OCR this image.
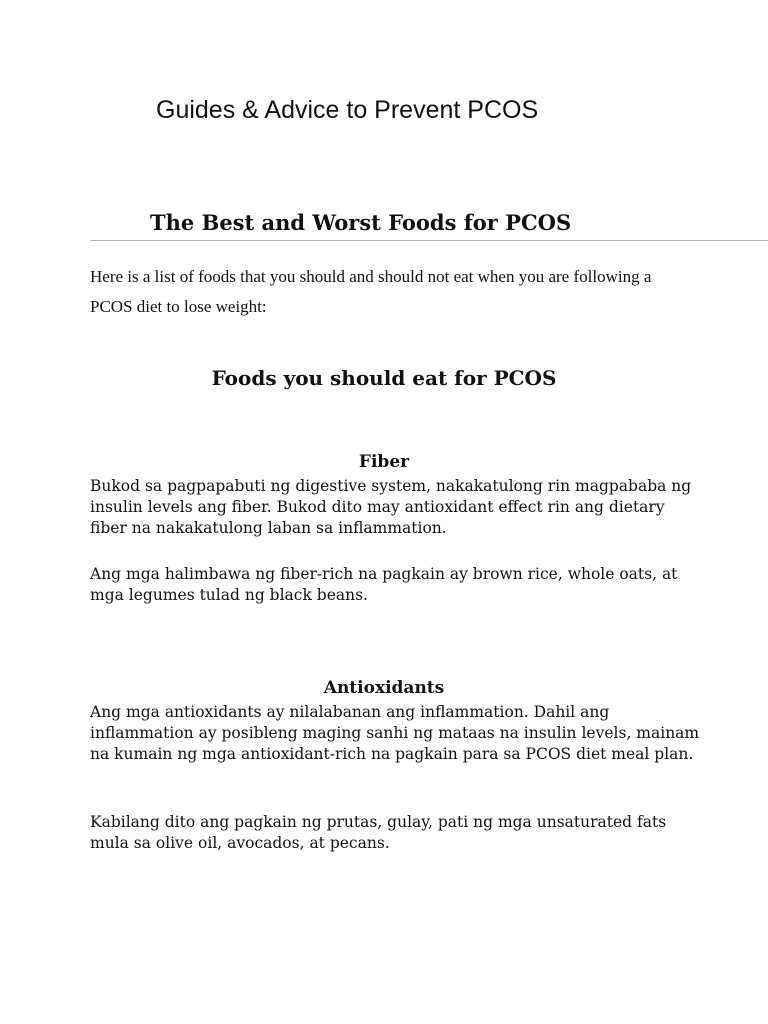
Guides & Advice to Prevent PCOS
The Best and Worst Foods for PCOS

Here is a list of foods that you should and should not eat when you are following a PCOS diet to lose weight:

Foods you should eat for PCOS
Fiber

Bukod sa pagpapabuti ng digestive system, nakakatulong rin magpababa ng insulin levels ang fiber. Bukod dito may antioxidant effect rin ang dietary fiber na nakakatulong laban sa inflammation.

Ang mga halimbawa ng fiber-rich na pagkain ay brown rice, whole oats, at mga legumes tulad ng black beans.

Antioxidants

Ang mga antioxidants ay nilalabanan ang inflammation. Dahil ang inflammation ay posibleng maging sanhi ng mataas na insulin levels, mainam na kumain ng mga antioxidant-rich na pagkain para sa PCOS diet meal plan.

Kabilang dito ang pagkain ng prutas, gulay, pati ng mga unsaturated fats mula sa olive oil, avocados, at pecans.
